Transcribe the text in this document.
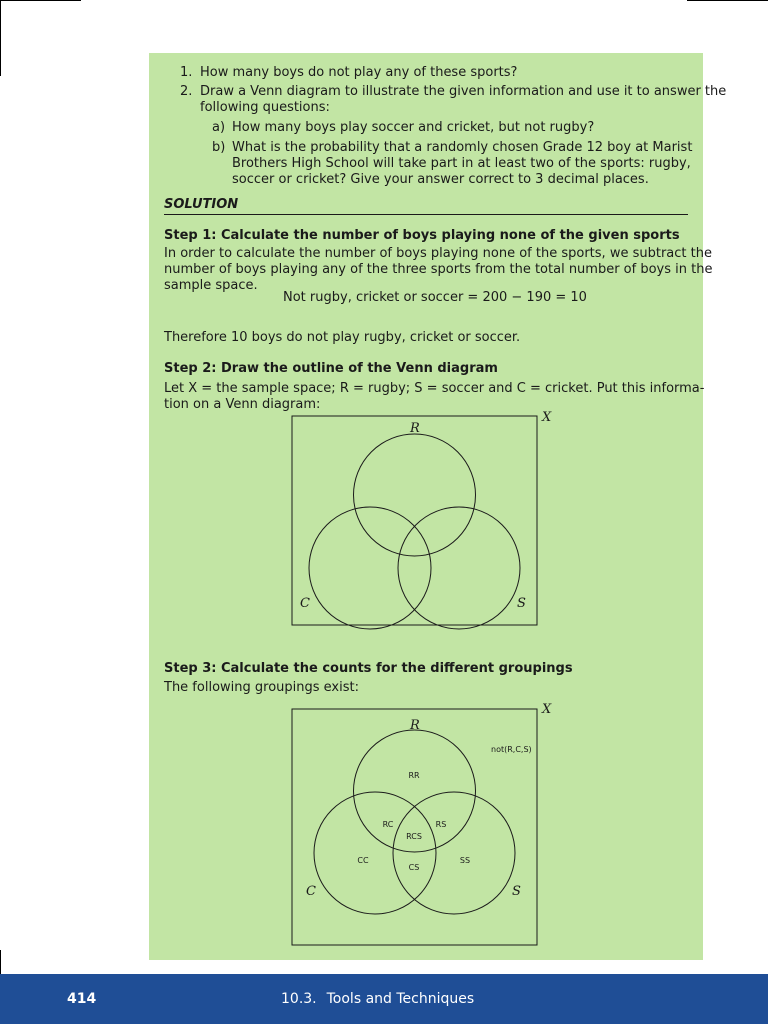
1. How many boys do not play any of these sports?
2. Draw a Venn diagram to illustrate the given information and use it to answer the
following questions:
a) How many boys play soccer and cricket, but not rugby?
b) What is the probability that a randomly chosen Grade 12 boy at Marist
Brothers High School will take part in at least two of the sports: rugby,
soccer or cricket? Give your answer correct to 3 decimal places.
SOLUTION
Step 1: Calculate the number of boys playing none of the given sports
In order to calculate the number of boys playing none of the sports, we subtract the
number of boys playing any of the three sports from the total number of boys in the
sample space.
Not rugby, cricket or soccer = 200 − 190 = 10
Therefore 10 boys do not play rugby, cricket or soccer.
Step 2: Draw the outline of the Venn diagram
Let X = the sample space; R = rugby; S = soccer and C = cricket. Put this informa-
tion on a Venn diagram:
X
R
C	S
Step 3: Calculate the counts for the different groupings
The following groupings exist:
X
R
C	S
not(R,C,S)
RR
RC	RS
RCS
CC	SS
CS
414	10.3. Tools and Techniques
